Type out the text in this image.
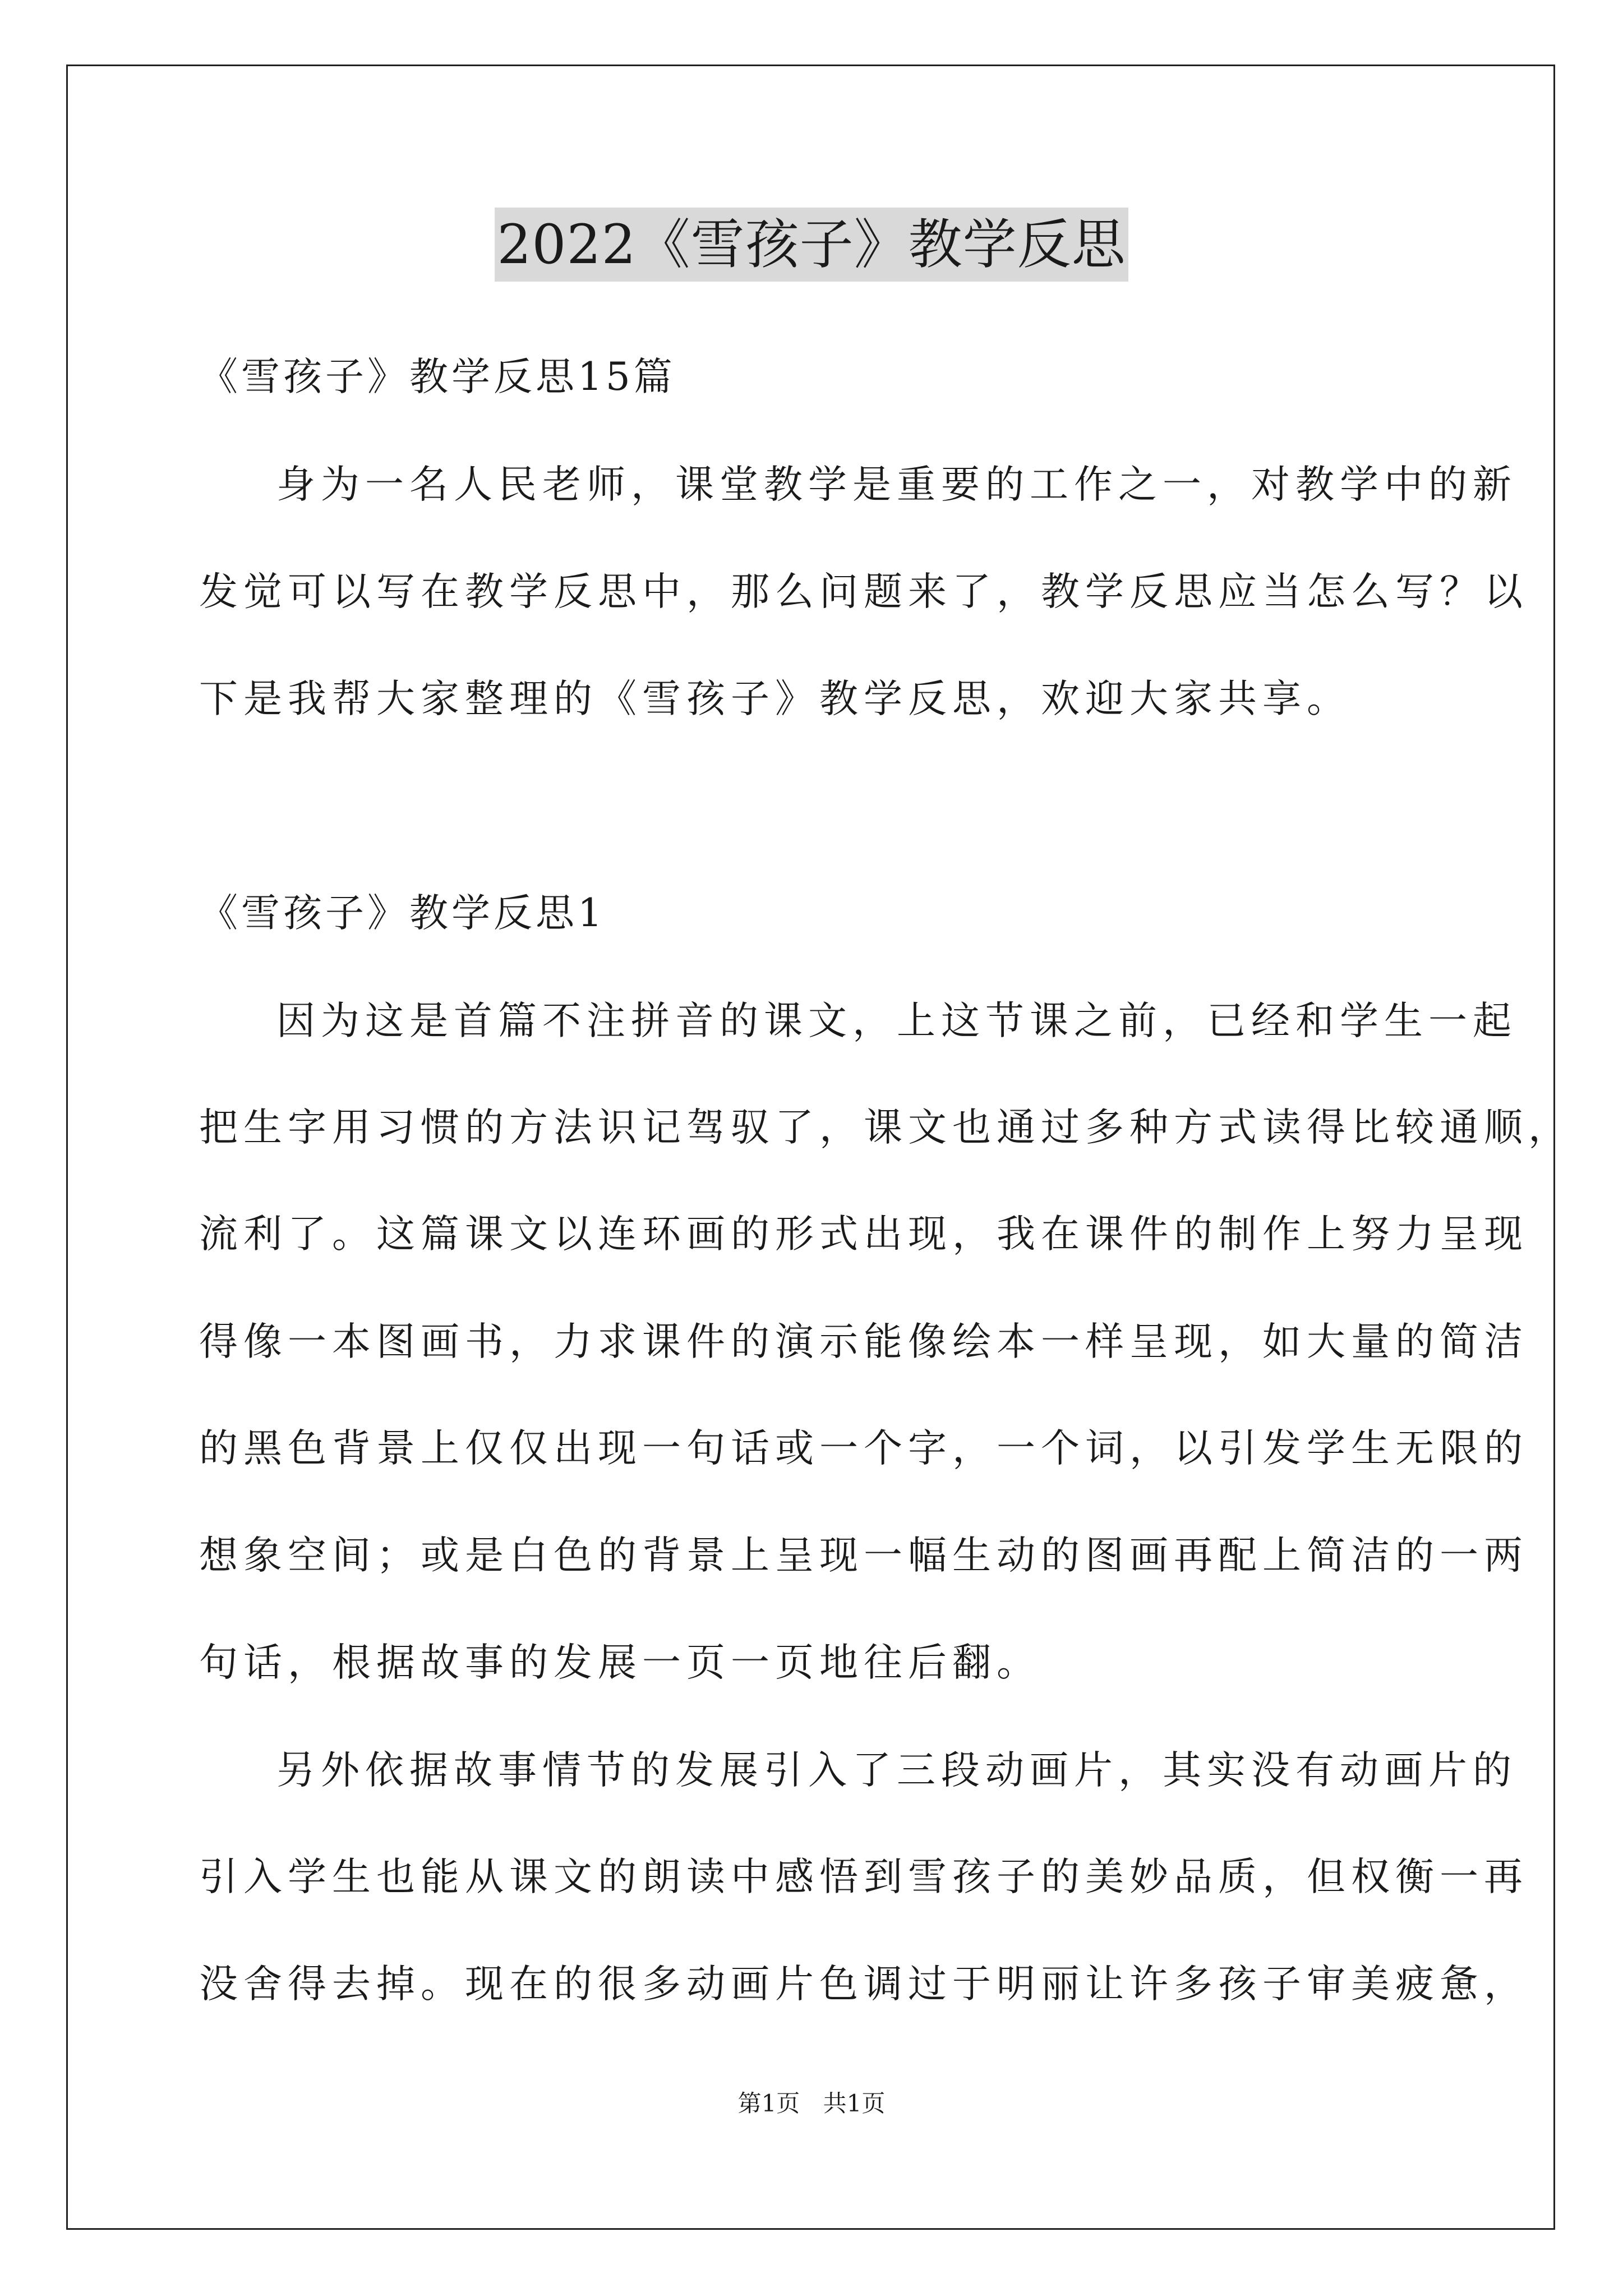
2022《雪孩子》教学反思
《雪孩子》教学反思15篇
身为一名人民老师，课堂教学是重要的工作之一，对教学中的新
发觉可以写在教学反思中，那么问题来了，教学反思应当怎么写？以
下是我帮大家整理的《雪孩子》教学反思，欢迎大家共享。
《雪孩子》教学反思1
因为这是首篇不注拼音的课文，上这节课之前，已经和学生一起
把生字用习惯的方法识记驾驭了，课文也通过多种方式读得比较通顺，
流利了。这篇课文以连环画的形式出现，我在课件的制作上努力呈现
得像一本图画书，力求课件的演示能像绘本一样呈现，如大量的简洁
的黑色背景上仅仅出现一句话或一个字，一个词，以引发学生无限的
想象空间；或是白色的背景上呈现一幅生动的图画再配上简洁的一两
句话，根据故事的发展一页一页地往后翻。
另外依据故事情节的发展引入了三段动画片，其实没有动画片的
引入学生也能从课文的朗读中感悟到雪孩子的美妙品质，但权衡一再
没舍得去掉。现在的很多动画片色调过于明丽让许多孩子审美疲惫，
第1页 共1页
